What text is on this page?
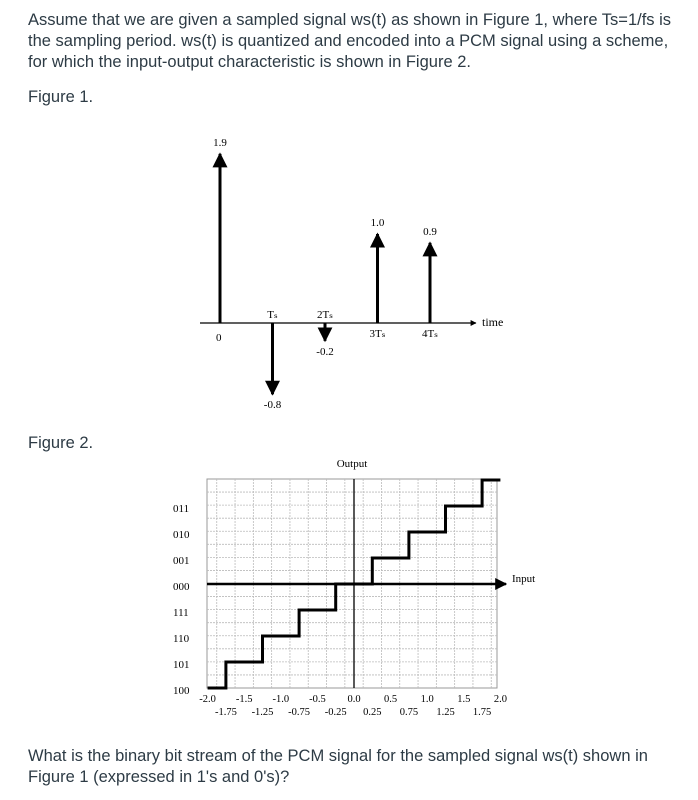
Assume that we are given a sampled signal ws(t) as shown in Figure 1, where Ts=1/fs is the sampling period. ws(t) is quantized and encoded into a PCM signal using a scheme, for which the input-output characteristic is shown in Figure 2.

Figure 1.

Figure 2.

time
0
1.9
-0.8
Tₛ
-0.2
2Tₛ
1.0
3Tₛ
0.9
4Tₛ
Output
Input
011
010
001
000
111
110
101
100
-2.0 -1.5 -1.0 -0.5 0.0 0.5 1.0 1.5 2.0
-1.75 -1.25 -0.75 -0.25 0.25 0.75 1.25 1.75

What is the binary bit stream of the PCM signal for the sampled signal ws(t) shown in Figure 1 (expressed in 1's and 0's)?
